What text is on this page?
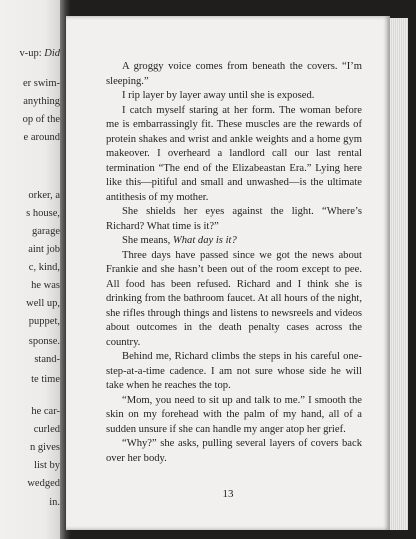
v-up: Did
er swim-
anything
op of the
e around
orker, a
s house,
garage
aint job
c, kind,
he was
well up,
puppet,
sponse.
stand-
te time
he car-
curled
n gives
list by
wedged
in.

A groggy voice comes from beneath the covers. “I’m sleeping.”

I rip layer by layer away until she is exposed.

I catch myself staring at her form. The woman before me is embarrassingly fit. These muscles are the rewards of protein shakes and wrist and ankle weights and a home gym makeover. I overheard a landlord call our last rental termination “The end of the Elizabeastan Era.” Lying here like this—pitiful and small and unwashed—is the ultimate antithesis of my mother.

She shields her eyes against the light. “Where’s Richard? What time is it?”

She means, What day is it?

Three days have passed since we got the news about Frankie and she hasn’t been out of the room except to pee. All food has been refused. Richard and I think she is drinking from the bathroom faucet. At all hours of the night, she rifles through things and listens to newsreels and videos about outcomes in the death penalty cases across the country.

Behind me, Richard climbs the steps in his careful one-step-at-a-time cadence. I am not sure whose side he will take when he reaches the top.

“Mom, you need to sit up and talk to me.” I smooth the skin on my forehead with the palm of my hand, all of a sudden unsure if she can handle my anger atop her grief.

“Why?” she asks, pulling several layers of covers back over her body.

13
